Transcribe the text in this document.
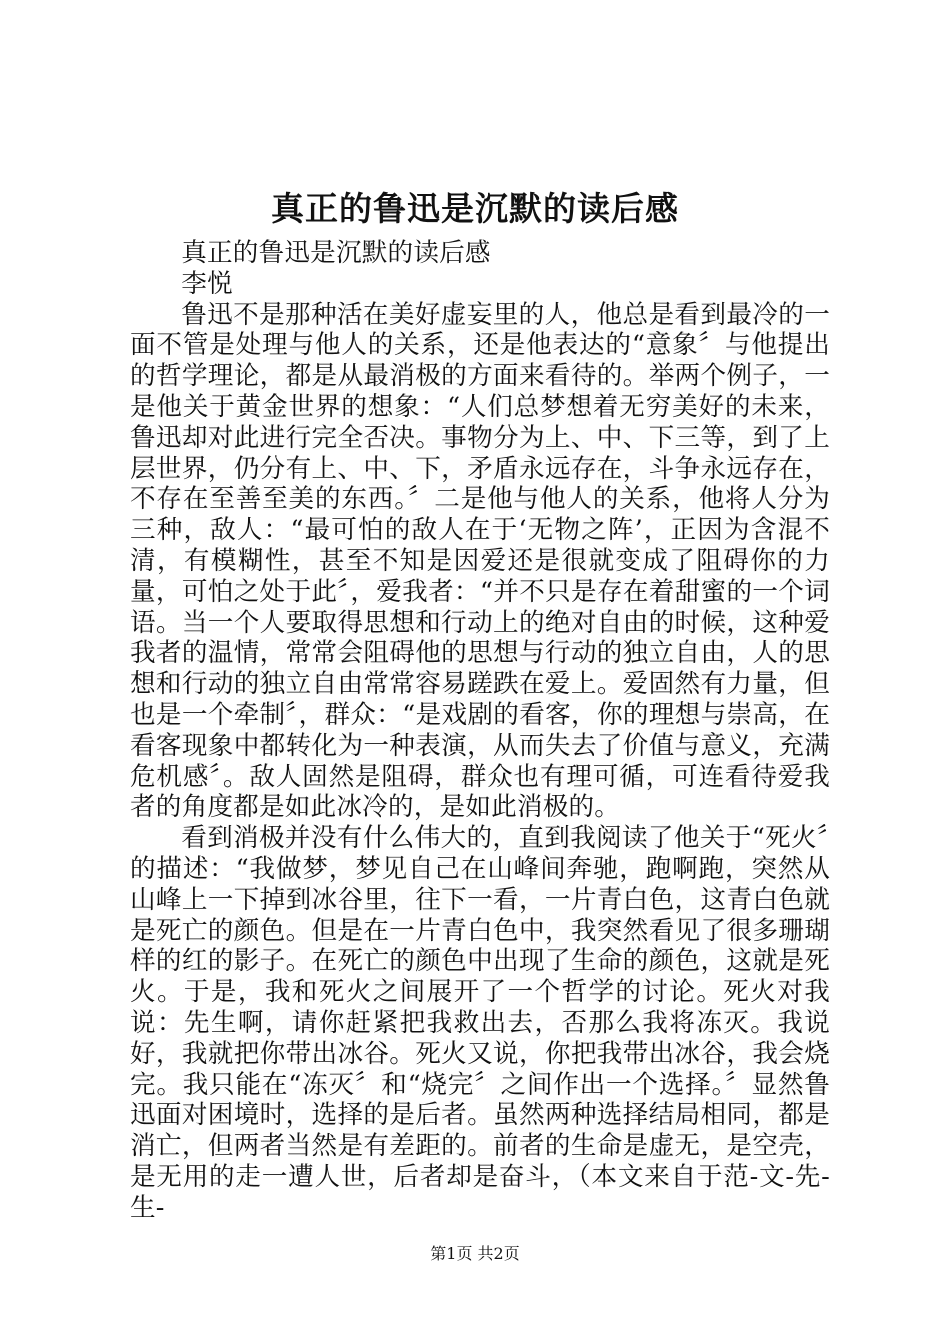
真正的鲁迅是沉默的读后感

真正的鲁迅是沉默的读后感

李悦

鲁迅不是那种活在美好虚妄里的人，他总是看到最冷的一面不管是处理与他人的关系，还是他表达的“意象〞与他提出的哲学理论，都是从最消极的方面来看待的。举两个例子，一是他关于黄金世界的想象：“人们总梦想着无穷美好的未来，鲁迅却对此进行完全否决。事物分为上、中、下三等，到了上层世界，仍分有上、中、下，矛盾永远存在，斗争永远存在，不存在至善至美的东西。〞二是他与他人的关系，他将人分为三种，敌人：“最可怕的敌人在于‘无物之阵’，正因为含混不清，有模糊性，甚至不知是因爱还是很就变成了阻碍你的力量，可怕之处于此〞，爱我者：“并不只是存在着甜蜜的一个词语。当一个人要取得思想和行动上的绝对自由的时候，这种爱我者的温情，常常会阻碍他的思想与行动的独立自由，人的思想和行动的独立自由常常容易蹉跌在爱上。爱固然有力量，但也是一个牵制〞，群众：“是戏剧的看客，你的理想与崇高，在看客现象中都转化为一种表演，从而失去了价值与意义，充满危机感〞。敌人固然是阻碍，群众也有理可循，可连看待爱我者的角度都是如此冰冷的，是如此消极的。

看到消极并没有什么伟大的，直到我阅读了他关于“死火〞的描述：“我做梦，梦见自己在山峰间奔驰，跑啊跑，突然从山峰上一下掉到冰谷里，往下一看，一片青白色，这青白色就是死亡的颜色。但是在一片青白色中，我突然看见了很多珊瑚样的红的影子。在死亡的颜色中出现了生命的颜色，这就是死火。于是，我和死火之间展开了一个哲学的讨论。死火对我说：先生啊，请你赶紧把我救出去，否那么我将冻灭。我说好，我就把你带出冰谷。死火又说，你把我带出冰谷，我会烧完。我只能在“冻灭〞和“烧完〞之间作出一个选择。〞显然鲁迅面对困境时，选择的是后者。虽然两种选择结局相同，都是消亡，但两者当然是有差距的。前者的生命是虚无，是空壳，是无用的走一遭人世，后者却是奋斗，（本文来自于范-文-先-生-

第1页 共2页
